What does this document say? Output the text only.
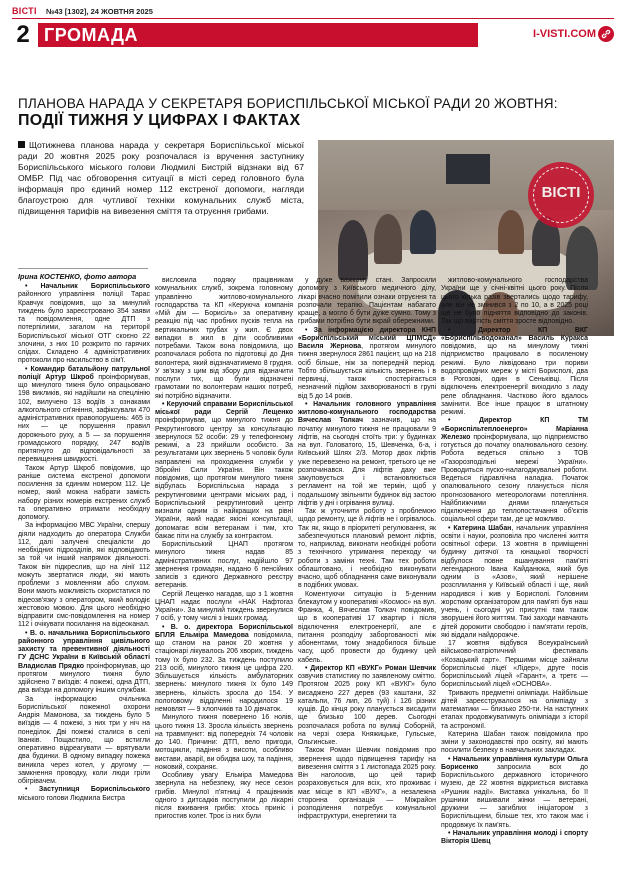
ВІСТІ №43 [1302], 24 ЖОВТНЯ 2025
2 ГРОМАДА	I-VISTI.COM
ПЛАНОВА НАРАДА У СЕКРЕТАРЯ БОРИСПІЛЬСЬКОЇ МІСЬКОЇ РАДИ 20 ЖОВТНЯ:
ПОДІЇ ТИЖНЯ У ЦИФРАХ І ФАКТАХ
Щотижнева планова нарада у секретаря Бориспільської міської ради 20 жовтня 2025 року розпочалася із вручення заступнику Бориспільського міського голови Людмилі Бистрій відзнаки від 67 ОМБР. Під час обговорення ситуації в місті серед головного була інформація про єдиний номер 112 екстреної допомоги, нагляди благоустрою для чутливої техніки комунальних служб міста, підвищення тарифів на вивезення сміття та отруєння грибами.
ВІСТІ
Ірина КОСТЕНКО, фото автора

• Начальник Бориспільського районного управління поліції Тарас Кравчук повідомив, що за минулий тиждень було зареєстровано 354 заяви та повідомлення, одне ДТП з потерпілими, загалом на території Бориспільської міської ОТГ скоєно 22 злочини, з них 10 розкрито по гарячих слідах. Складено 4 адміністративних протоколи про насильство в сім'ї.

• Командир батальйону патрульної поліції Артур Шкроб проінформував, що минулого тижня було опрацьовано 198 викликів, які надійшли на спецлінію 102, вилучено 13 водіїв з ознаками алкогольного сп'яніння, зафіксували 470 адміністративних правопорушень: 465 із них — це порушення правил дорожнього руху, а 5 — за порушення громадського порядку, 247 водіїв притягнуто до відповідальності за перевищення швидкості.

Також Артур Шкроб повідомив, що раніше система екстреної допомоги посилення за єдиним номером 112. Це номер, який можна набрати замість набору різних номерів екстрених служб та оперативно отримати необхідну допомогу.

За інформацією МВС України, спершу діяли надходить до оператора Служби 112, далі залучені спеціалісти до необхідних підрозділів, які відповідають за той чи інший напрямок діяльності. Також він підкреслив, що на лінії 112 можуть звертатися люди, які мають проблеми з мовленням або слухом. Вони мають можливість скористатися по відеозв'язку з оператором, який володіє жестовою мовою. Для цього необхідно відправити смс-повідомлення на номер 112 і очікувати посилання на відеоканал.

• В. о. начальника Бориспільського районного управління цивільного захисту та превентивної діяльності ГУ ДСНС України в Київській області Владислав Прядко проінформував, що протягом минулого тижня було здійснено 7 виїздів: 4 пожежі, одна ДТП, два виїзди на допомогу іншим службам.

За інформацією очільника Бориспільської пожежної охорони Андрія Мамонова, за тиждень було 5 виїздів — 4 пожежі, з них три у ніч на понеділок. Дві пожежі сталися в селі Іванків. Пощастило, що встигли оперативно відреагувати — врятували два будинки. В одному випадку пожежа виникла через котел, у другому — замкнення проводку, коли люди гріли обігрівачем.

• Заступниця Бориспільського міського голови Людмила Бистра

висловила подяку працівникам комунальних служб, зокрема головному управлінню житлово-комунального господарства та КП «Керуюча компанія «Мій дім — Борисіль» за оперативну реакцію під час пробних пусків тепла на вертикальних трубах у жил. Є двох випадки в жил в діти особливими потребами. Також вона повідомила, що розпочалася робота по підготовці до Дня волонтера, який відзначатимемо 8 грудня. У зв'язку з цим від збору для відзначити послуги тих, що були відзначені грамотами по волонтерам наших потреб, які потрібно відзначити.

• Керуючий справами Бориспільської міської ради Сергій Лещенко проінформував, що минулого тижня до Рекрутингового центру за консультацію звернулося 52 особи: 29 у телефонному режимі, а 23 прийшли особисто. За результатами цих звернень 5 чоловік були направлені на проходження служби у Збройні Сили України. Він також повідомив, що протягом минулого тижня відбулась Бориспільська нарада з рекрутинговими центрами міських рад, і Бориспільський рекрутинговий центр визнали одним із найкращих на рівні України, який надає якісні консультації, допомагає всім ветеранам і тим, хто бажає піти на службу за контрактом.

Бориспільський ЦНАП протягом минулого тижня надав 85 адміністративних послуг, надійшло 97 звернення громадян, надано 6 пенсійних записів з єдиного Державного реєстру ветеранів.

Сергій Лещенко нагадав, що з 1 жовтня ЦНАП надає послуги «НАК Нафтогаз України». За минулий тиждень звернулися 7 осіб, у тому числі з інших громад.

• В. о. директора Бориспільської БПЛЯ Ельміра Мамедова повідомила, що станом на ранок 20 жовтня у стаціонарі лікувалось 206 хворих, тиждень тому їх було 232. За тиждень поступило 213 осіб, минулого тижня це цифра 220. Збільшується кількість амбулаторних звернень: минулого тижня їх було 149 звернень, кількість зросла до 154. У пологовому відділенні народилося 19 немовлят — 9 хлопчиків та 10 дівчаток.

Минулого тижня повернено 16 нолів, цього тижня 13. Зросла кількість звернень на травмпункт: від попередніх 74 чоловік до 140. Причини: ДТП, вело пригоди, мотоцикли, падіння з висоти, особливо вистави, аварії, ви обидва шоу, та падіння, ножовий, сохраняє.

Особливу увагу Ельміра Мамедова звернула на небезпеку, яку несе сезон грибів. Минулої п'ятниці 4 працівників одного з дитсадків поступили до лікарні після вживання грибів: хтось приніс і пригостив колег. Троє із них були

у дуже важкому стані. Запросили допомогу з Київського медичного ділу, лікарі вчасно помітили ознаки отруєння та розпочали терапію. Пацієнтам набагато краще, а могло б бути дуже сумно. Тому з грибами потрібно бути вкрай обережними.

• За інформацією директора КНП «Бориспільський міський ЦПМСД» Василя Жернова, протягом минулого тижня звернулося 2861 пацієнт, що на 218 осіб більше, ніж за попередній період. Тобто збільшується кількість звернень і в первинці, також спостерігається незначний підйом захворюваності в групі від 5 до 14 років.

• Начальник головного управління житлово-комунального господарства Вячеслав Толкач зазначив, що на початку минулого тижня не працювали 9 ліфтів, на сьогодні стоїть три: у будинках на вул. Головатого, 15, Шевченка, 6-а, і Київський Шлях 2/3. Мотор двох ліфтів уже перевезено на ремонт, третього це не розпочинався. Для ліфтів даху вже закуповується і встановлюється регламент на той же термін, щоб у подальшому звільнити будинок від застою ліфтів у дні і огрівання вулиці.

Так ж уточнити роботу з проблемою щодо ремонту, ще й ліфтів не і огрівалось. Так як, якщо в пріоритеті регулювання, як забезпечуються плановий ремонт ліфтів, то, наприклад, виконати необхідні роботи з технічного утримання переходу чи роботи з заміни техні. Там тех роботи облаштовано, і необхідно виконувати вчасно, щоб обладнання саме виконували в подібних умовах.

Коментуючи ситуацію із 5-денним блекаутом у кооперативі «Космос» на вул. Франка, 4, Вячеслав Толкач повідомив, що в кооперативі 17 квартир і після відключення електроенергії, але є питання розподілу заборгованості між абонентами, тому знадобилося більше часу, щоб провести до будинку цей кабель.

• Директор КП «ВУКГ» Роман Шевчик озвучив статистику по заявленому сміттю. Протягом 2025 року КП «ВУКГ» було висаджено 227 дерев (93 каштани, 32 катальпи, 76 лип, 26 туй) і 126 різних кущів. До кінця року планується висадити ще близько 100 дерев. Сьогодні розпочалася робота по вулиці Соборній, на черзі озера Княжицьке, Гульське, Ольгинське.

Також Роман Шевчик повідомив про звернення щодо підвищення тарифу на вивезення сміття з 1 листопада 2025 року. Він наголосив, що цей тариф розраховується для всіх, хто проживає і має місце в КП «ВУКГ», а незалежна сторонна організація — Міжрайон розподілення потребує комунальної інфраструктури, енергетики та

житлово-комунального господарства України ще у січні-квітні цього року. Після цього кілька разів звертались щодо тарифу, але він не змінився з 2 по 10, а в 2025 році ще не було підняття відповідно до законів. Так що вартість сміття зросте відповідно.

• Директор КП ВКГ «Бориспільводоканал» Василь Куракса повідомив, що на минулому тижні підприємство працювало в посиленому режимі. Було ліквідовано три пориви водопровідних мереж у місті Борисполі, два в Рогозові, один в Сеньківці. Після відключень електроенергії виходило з ладу реле обладнання. Частково його вдалось замінити. Все інше працює в штатному режимі.

• Директор КП ТМ «Бориспільтеплоенерго» Маріанна Железко проінформувала, що підприємство готується до початку опалювального сезону. Робота ведеться спільно з ТОВ «Газорозподільні мережі України». Проводиться пуско-налагоджувальні роботи. Ведеться гідравлічна наладка. Початок опалювального сезону планується після прогнозованого метеорологами потепління. Найближчими днями планується підключення до теплопостачання об'єктів соціальної сфери там, де це можливо.

• Катерина Шабан, начальник управління освіти і науки, розповіла про численні життя освітньої сфери. 13 жовтня в приміщенні будинку дитячої та юнацької творчості відбулося повне вшанування пам'яті легендарного Івана Кайданюка, який був одним із «Азов», який нерішене розсплилання у Київській області і ще, який народився і жив у Борисполі. Головним жорстким організатором для пам'яті був наш учень, і сьогодні усі присутні там також зворушені його життям. Такі заходи навчають дітей дорожити свободою і пам'ятати героїв, які віддали найдорожче.

17 жовтня відбувся Всеукраїнський військово-патріотичний фестиваль «Козацький гарт». Першими місце зайняли бориспільські ліцеї «Лідер», друге посів бориспільський ліцей «Гарант», а третє — бориспільський ліцей «ОСНОВА».

Тривають предметні олімпіади. Найбільше дітей зареєструвалося на олімпіаду з математики — близько 250-ти. На наступних етапах продовжуватимуть олімпіади з історії та астрономії.

Катерина Шабан також повідомила про зміни у законодавстві про освіту, які мають посилити безпеку в навчальних закладах.

• Начальник управління культури Ольга Борисенко запросила всіх до Бориспільського державного історичного музею, де 22 жовтня відкриється виставка «Рушник надії». Виставка унікальна, бо її рушники вишивали жінки — ветерані, дружини — загиблих ініціатором з Бориспільщини, більше тех, хто також має і продовжує їх пам'ять.

• Начальник управління молоді і спорту Вікторія Шевц
